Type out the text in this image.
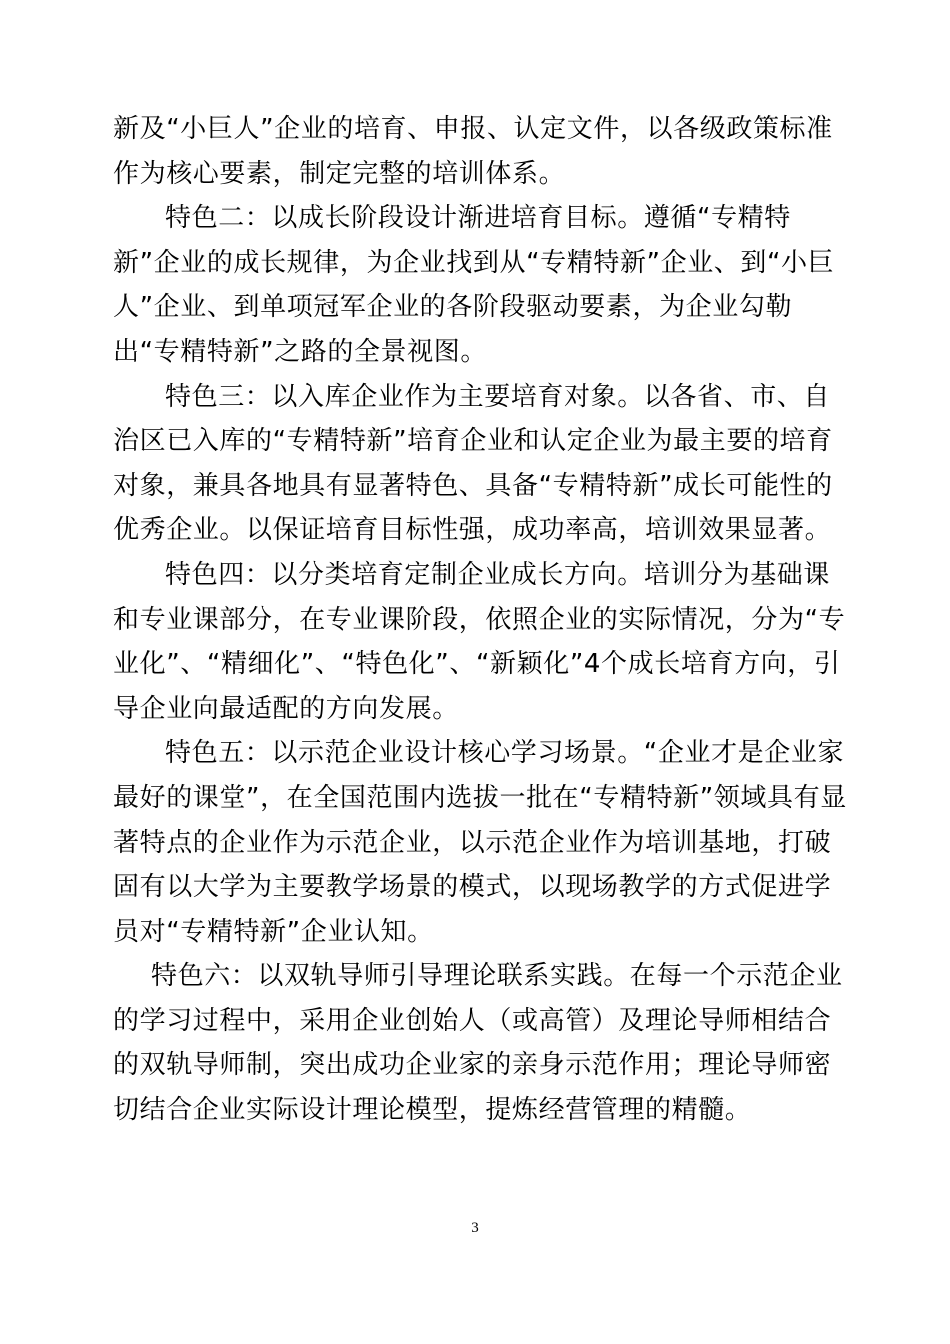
新及“小巨人”企业的培育、申报、认定文件，以各级政策标准作为核心要素，制定完整的培训体系。

特色二：以成长阶段设计渐进培育目标。遵循“专精特新”企业的成长规律，为企业找到从“专精特新”企业、到“小巨人”企业、到单项冠军企业的各阶段驱动要素，为企业勾勒出“专精特新”之路的全景视图。

特色三：以入库企业作为主要培育对象。以各省、市、自治区已入库的“专精特新”培育企业和认定企业为最主要的培育对象，兼具各地具有显著特色、具备“专精特新”成长可能性的优秀企业。以保证培育目标性强，成功率高，培训效果显著。

特色四：以分类培育定制企业成长方向。培训分为基础课和专业课部分，在专业课阶段，依照企业的实际情况，分为“专业化”、“精细化”、“特色化”、“新颖化”4个成长培育方向，引导企业向最适配的方向发展。

特色五：以示范企业设计核心学习场景。“企业才是企业家最好的课堂”，在全国范围内选拔一批在“专精特新”领域具有显著特点的企业作为示范企业，以示范企业作为培训基地，打破固有以大学为主要教学场景的模式，以现场教学的方式促进学员对“专精特新”企业认知。

特色六：以双轨导师引导理论联系实践。在每一个示范企业的学习过程中，采用企业创始人（或高管）及理论导师相结合的双轨导师制，突出成功企业家的亲身示范作用；理论导师密切结合企业实际设计理论模型，提炼经营管理的精髓。

3
